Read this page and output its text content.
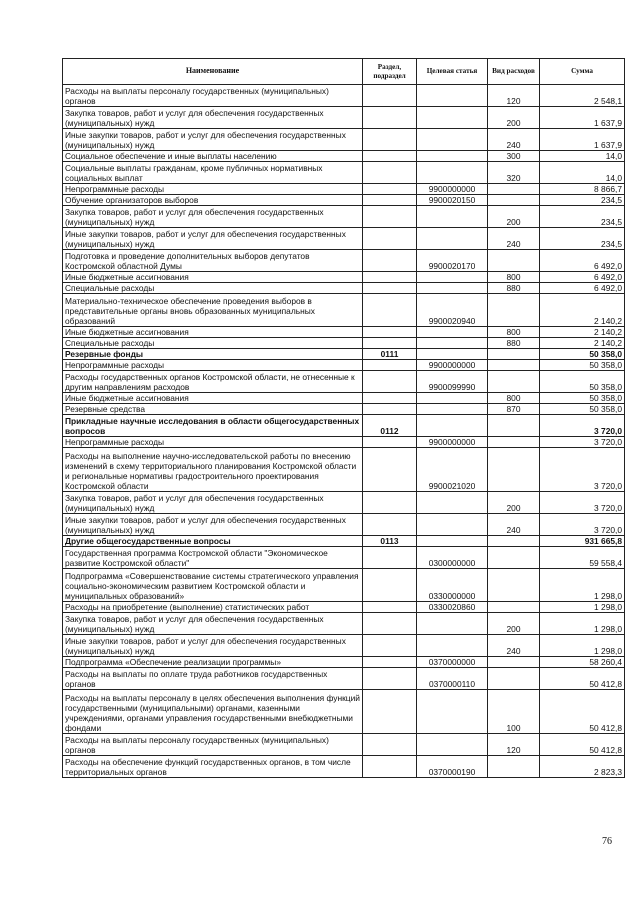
Наименование	Раздел, подраздел	Целевая статья	Вид расходов	Сумма
Расходы на выплаты персоналу государственных (муниципальных) органов			120	2 548,1
Закупка товаров, работ и услуг для обеспечения государственных (муниципальных) нужд			200	1 637,9
Иные закупки товаров, работ и услуг для обеспечения государственных (муниципальных) нужд			240	1 637,9
Социальное обеспечение и иные выплаты населению			300	14,0
Социальные выплаты гражданам, кроме публичных нормативных социальных выплат			320	14,0
Непрограммные расходы		9900000000		8 866,7
Обучение организаторов выборов		9900020150		234,5
Закупка товаров, работ и услуг для обеспечения государственных (муниципальных) нужд			200	234,5
Иные закупки товаров, работ и услуг для обеспечения государственных (муниципальных) нужд			240	234,5
Подготовка и проведение дополнительных выборов депутатов Костромской областной Думы		9900020170		6 492,0
Иные бюджетные ассигнования			800	6 492,0
Специальные расходы			880	6 492,0
Материально-техническое обеспечение проведения выборов в представительные органы вновь образованных муниципальных образований		9900020940		2 140,2
Иные бюджетные ассигнования			800	2 140,2
Специальные расходы			880	2 140,2
Резервные фонды	0111			50 358,0
Непрограммные расходы		9900000000		50 358,0
Расходы государственных органов Костромской области, не отнесенные к другим направлениям расходов		9900099990		50 358,0
Иные бюджетные ассигнования			800	50 358,0
Резервные средства			870	50 358,0
Прикладные научные исследования в области общегосударственных вопросов	0112			3 720,0
Непрограммные расходы		9900000000		3 720,0
Расходы на выполнение научно-исследовательской работы по внесению изменений в схему территориального планирования Костромской области и региональные нормативы градостроительного проектирования Костромской области		9900021020		3 720,0
Закупка товаров, работ и услуг для обеспечения государственных (муниципальных) нужд			200	3 720,0
Иные закупки товаров, работ и услуг для обеспечения государственных (муниципальных) нужд			240	3 720,0
Другие общегосударственные вопросы	0113			931 665,8
Государственная программа Костромской области "Экономическое развитие Костромской области"		0300000000		59 558,4
Подпрограмма «Совершенствование системы стратегического управления социально-экономическим развитием Костромской области и муниципальных образований»		0330000000		1 298,0
Расходы на приобретение (выполнение) статистических работ		0330020860		1 298,0
Закупка товаров, работ и услуг для обеспечения государственных (муниципальных) нужд			200	1 298,0
Иные закупки товаров, работ и услуг для обеспечения государственных (муниципальных) нужд			240	1 298,0
Подпрограмма «Обеспечение реализации программы»		0370000000		58 260,4
Расходы на выплаты по оплате труда работников государственных органов		0370000110		50 412,8
Расходы на выплаты персоналу в целях обеспечения выполнения функций государственными (муниципальными) органами, казенными учреждениями, органами управления государственными внебюджетными фондами			100	50 412,8
Расходы на выплаты персоналу государственных (муниципальных) органов			120	50 412,8
Расходы на обеспечение функций государственных органов, в том числе территориальных органов		0370000190		2 823,3
76
